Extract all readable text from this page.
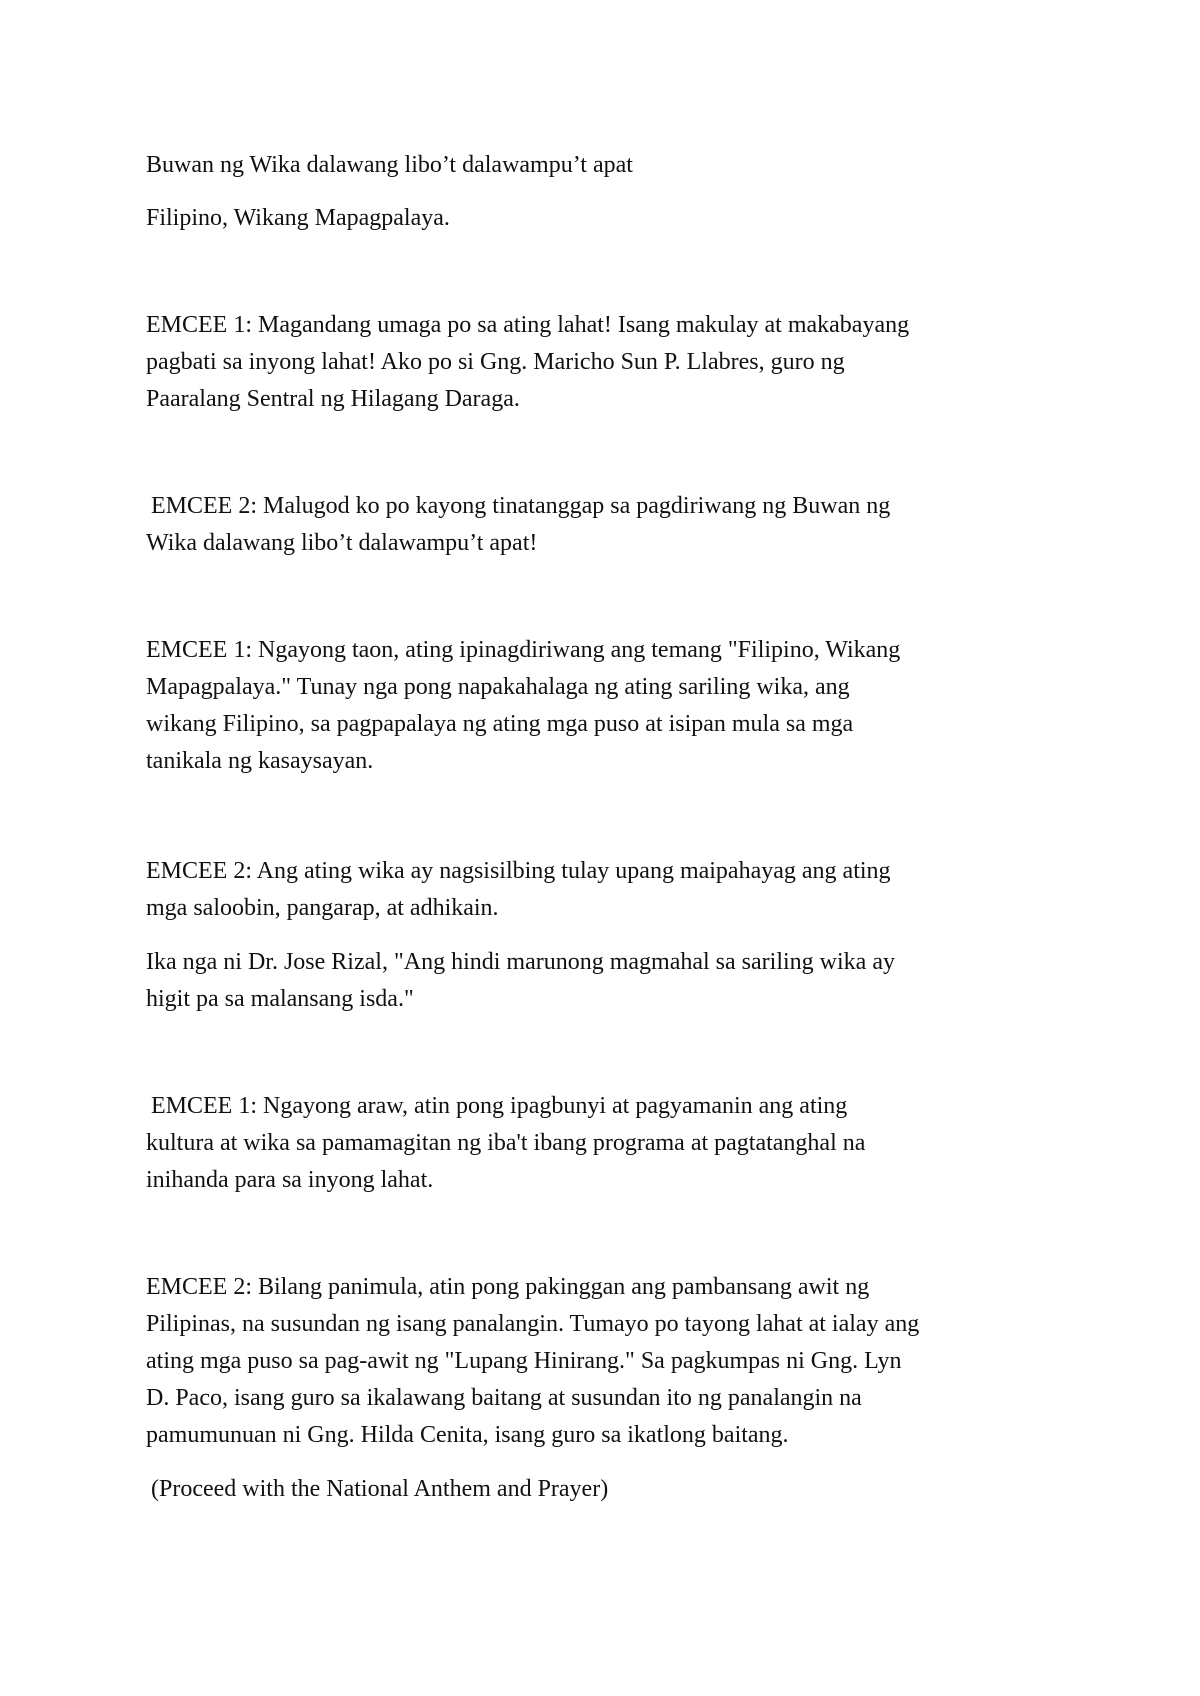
Buwan ng Wika dalawang libo’t dalawampu’t apat

Filipino, Wikang Mapagpalaya.

EMCEE 1: Magandang umaga po sa ating lahat! Isang makulay at makabayang

pagbati sa inyong lahat! Ako po si Gng. Maricho Sun P. Llabres, guro ng

Paaralang Sentral ng Hilagang Daraga.

EMCEE 2: Malugod ko po kayong tinatanggap sa pagdiriwang ng Buwan ng

Wika dalawang libo’t dalawampu’t apat!

EMCEE 1: Ngayong taon, ating ipinagdiriwang ang temang "Filipino, Wikang

Mapagpalaya." Tunay nga pong napakahalaga ng ating sariling wika, ang

wikang Filipino, sa pagpapalaya ng ating mga puso at isipan mula sa mga

tanikala ng kasaysayan.

EMCEE 2: Ang ating wika ay nagsisilbing tulay upang maipahayag ang ating

mga saloobin, pangarap, at adhikain.

Ika nga ni Dr. Jose Rizal, "Ang hindi marunong magmahal sa sariling wika ay

higit pa sa malansang isda."

EMCEE 1: Ngayong araw, atin pong ipagbunyi at pagyamanin ang ating

kultura at wika sa pamamagitan ng iba't ibang programa at pagtatanghal na

inihanda para sa inyong lahat.

EMCEE 2: Bilang panimula, atin pong pakinggan ang pambansang awit ng

Pilipinas, na susundan ng isang panalangin. Tumayo po tayong lahat at ialay ang

ating mga puso sa pag-awit ng "Lupang Hinirang." Sa pagkumpas ni Gng. Lyn

D. Paco, isang guro sa ikalawang baitang at susundan ito ng panalangin na

pamumunuan ni Gng. Hilda Cenita, isang guro sa ikatlong baitang.

(Proceed with the National Anthem and Prayer)
